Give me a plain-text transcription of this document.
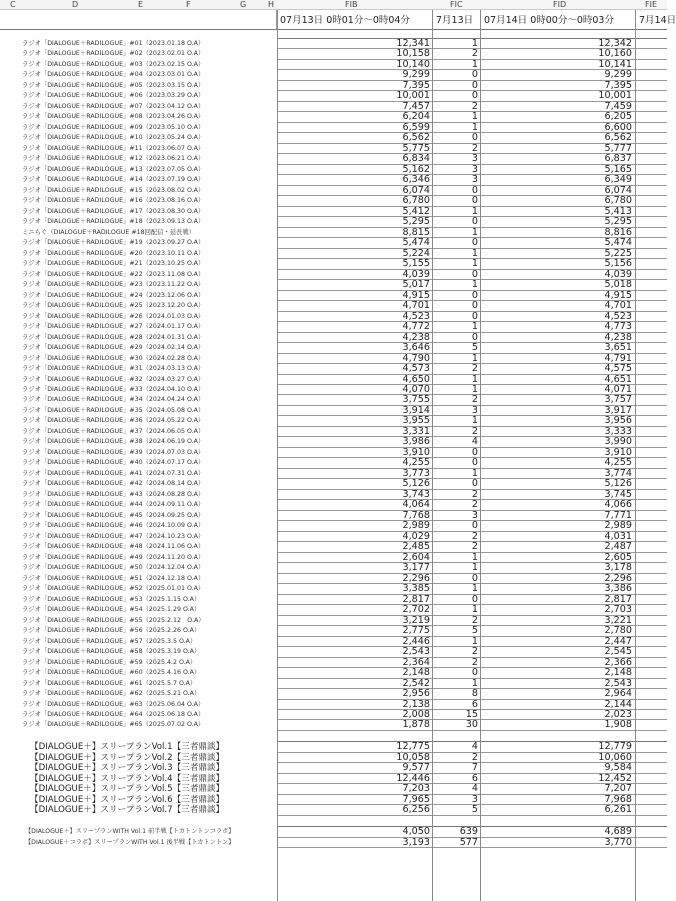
C	D	E	F	G	H	FIB	FIC	FID	FIE
07月13日 0時01分～0時04分	7月13日	07月14日 0時00分～0時03分	7月14日
ラジオ「DIALOGUE＋RADILOGUE」#01（2023.01.18 O.A）	12,341	1	12,342
ラジオ「DIALOGUE＋RADILOGUE」#02（2023.02.01 O.A）	10,158	2	10,160
ラジオ「DIALOGUE＋RADILOGUE」#03（2023.02.15 O.A）	10,140	1	10,141
ラジオ「DIALOGUE＋RADILOGUE」#04（2023.03.01 O.A）	9,299	0	9,299
ラジオ「DIALOGUE＋RADILOGUE」#05（2023.03.15 O.A）	7,395	0	7,395
ラジオ「DIALOGUE＋RADILOGUE」#06（2023.03.29 O.A）	10,001	0	10,001
ラジオ「DIALOGUE＋RADILOGUE」#07（2023.04.12 O.A）	7,457	2	7,459
ラジオ「DIALOGUE＋RADILOGUE」#08（2023.04.26 O.A）	6,204	1	6,205
ラジオ「DIALOGUE＋RADILOGUE」#09（2023.05.10 O.A）	6,599	1	6,600
ラジオ「DIALOGUE＋RADILOGUE」#10（2023.05.24 O.A）	6,562	0	6,562
ラジオ「DIALOGUE＋RADILOGUE」#11（2023.06.07 O.A）	5,775	2	5,777
ラジオ「DIALOGUE＋RADILOGUE」#12（2023.06.21 O.A）	6,834	3	6,837
ラジオ「DIALOGUE＋RADILOGUE」#13（2023.07.05 O.A）	5,162	3	5,165
ラジオ「DIALOGUE＋RADILOGUE」#14（2023.07.19 O.A）	6,346	3	6,349
ラジオ「DIALOGUE＋RADILOGUE」#15（2023.08.02 O.A）	6,074	0	6,074
ラジオ「DIALOGUE＋RADILOGUE」#16（2023.08.16 O.A）	6,780	0	6,780
ラジオ「DIALOGUE＋RADILOGUE」#17（2023.08.30 O.A）	5,412	1	5,413
ラジオ「DIALOGUE＋RADILOGUE」#18（2023.09.13 O.A）	5,295	0	5,295
ミニらぐ（DIALOGUE＋RADILOGUE #18回配信・延長戦）	8,815	1	8,816
ラジオ「DIALOGUE＋RADILOGUE」#19（2023.09.27 O.A）	5,474	0	5,474
ラジオ「DIALOGUE＋RADILOGUE」#20（2023.10.11 O.A）	5,224	1	5,225
ラジオ「DIALOGUE＋RADILOGUE」#21（2023.10.25 O.A）	5,155	1	5,156
ラジオ「DIALOGUE＋RADILOGUE」#22（2023.11.08 O.A）	4,039	0	4,039
ラジオ「DIALOGUE＋RADILOGUE」#23（2023.11.22 O.A）	5,017	1	5,018
ラジオ「DIALOGUE＋RADILOGUE」#24（2023.12.06 O.A）	4,915	0	4,915
ラジオ「DIALOGUE＋RADILOGUE」#25（2023.12.20 O.A）	4,701	0	4,701
ラジオ「DIALOGUE＋RADILOGUE」#26（2024.01.03 O.A）	4,523	0	4,523
ラジオ「DIALOGUE＋RADILOGUE」#27（2024.01.17 O.A）	4,772	1	4,773
ラジオ「DIALOGUE＋RADILOGUE」#28（2024.01.31 O.A）	4,238	0	4,238
ラジオ「DIALOGUE＋RADILOGUE」#29（2024.02.14 O.A）	3,646	5	3,651
ラジオ「DIALOGUE＋RADILOGUE」#30（2024.02.28 O.A）	4,790	1	4,791
ラジオ「DIALOGUE＋RADILOGUE」#31（2024.03.13 O.A）	4,573	2	4,575
ラジオ「DIALOGUE＋RADILOGUE」#32（2024.03.27 O.A）	4,650	1	4,651
ラジオ「DIALOGUE＋RADILOGUE」#33（2024.04.10 O.A）	4,070	1	4,071
ラジオ「DIALOGUE＋RADILOGUE」#34（2024.04.24 O.A）	3,755	2	3,757
ラジオ「DIALOGUE＋RADILOGUE」#35（2024.05.08 O.A）	3,914	3	3,917
ラジオ「DIALOGUE＋RADILOGUE」#36（2024.05.22 O.A）	3,955	1	3,956
ラジオ「DIALOGUE＋RADILOGUE」#37（2024.06.05 O.A）	3,331	2	3,333
ラジオ「DIALOGUE＋RADILOGUE」#38（2024.06.19 O.A）	3,986	4	3,990
ラジオ「DIALOGUE＋RADILOGUE」#39（2024.07.03 O.A）	3,910	0	3,910
ラジオ「DIALOGUE＋RADILOGUE」#40（2024.07.17 O.A）	4,255	0	4,255
ラジオ「DIALOGUE＋RADILOGUE」#41（2024.07.31 O.A）	3,773	1	3,774
ラジオ「DIALOGUE＋RADILOGUE」#42（2024.08.14 O.A）	5,126	0	5,126
ラジオ「DIALOGUE＋RADILOGUE」#43（2024.08.28 O.A）	3,743	2	3,745
ラジオ「DIALOGUE＋RADILOGUE」#44（2024.09.11 O.A）	4,064	2	4,066
ラジオ「DIALOGUE＋RADILOGUE」#45（2024.09.25 O.A）	7,768	3	7,771
ラジオ「DIALOGUE＋RADILOGUE」#46（2024.10.09 O.A）	2,989	0	2,989
ラジオ「DIALOGUE＋RADILOGUE」#47（2024.10.23 O.A）	4,029	2	4,031
ラジオ「DIALOGUE＋RADILOGUE」#48（2024.11.06 O.A）	2,485	2	2,487
ラジオ「DIALOGUE＋RADILOGUE」#49（2024.11.20 O.A）	2,604	1	2,605
ラジオ「DIALOGUE＋RADILOGUE」#50（2024.12.04 O.A）	3,177	1	3,178
ラジオ「DIALOGUE＋RADILOGUE」#51（2024.12.18 O.A）	2,296	0	2,296
ラジオ「DIALOGUE＋RADILOGUE」#52（2025.01.01 O.A）	3,385	1	3,386
ラジオ「DIALOGUE＋RADILOGUE」#53（2025.1.15 O.A）	2,817	0	2,817
ラジオ「DIALOGUE＋RADILOGUE」#54（2025.1.29 O.A）	2,702	1	2,703
ラジオ「DIALOGUE＋RADILOGUE」#55（2025.2.12　O.A）	3,219	2	3,221
ラジオ「DIALOGUE＋RADILOGUE」#56（2025.2.26 O.A）	2,775	5	2,780
ラジオ「DIALOGUE＋RADILOGUE」#57（2025.3.5 O.A）	2,446	1	2,447
ラジオ「DIALOGUE＋RADILOGUE」#58（2025.3.19 O.A）	2,543	2	2,545
ラジオ「DIALOGUE＋RADILOGUE」#59（2025.4.2 O.A）	2,364	2	2,366
ラジオ「DIALOGUE＋RADILOGUE」#60（2025.4.16 O.A）	2,148	0	2,148
ラジオ「DIALOGUE＋RADILOGUE」#61（2025.5.7 O.A）	2,542	1	2,543
ラジオ「DIALOGUE＋RADILOGUE」#62（2025.5.21 O.A）	2,956	8	2,964
ラジオ「DIALOGUE＋RADILOGUE」#63（2025.06.04 O.A）	2,138	6	2,144
ラジオ「DIALOGUE＋RADILOGUE」#64（2025.06.18 O.A）	2,008	15	2,023
ラジオ「DIALOGUE＋RADILOGUE」#65（2025.07.02 O.A）	1,878	30	1,908
【DIALOGUE＋】スリープランVol.1【三者鼎談】	12,775	4	12,779
【DIALOGUE＋】スリープランVol.2【三者鼎談】	10,058	2	10,060
【DIALOGUE＋】スリープランVol.3【三者鼎談】	9,577	7	9,584
【DIALOGUE＋】スリープランVol.4【三者鼎談】	12,446	6	12,452
【DIALOGUE＋】スリープランVol.5【三者鼎談】	7,203	4	7,207
【DIALOGUE＋】スリープランVol.6【三者鼎談】	7,965	3	7,968
【DIALOGUE＋】スリープランVol.7【三者鼎談】	6,256	5	6,261
【DIALOGUE＋】スリープランWITH Vol.1 前半戦【トカトントンコラボ】	4,050	639	4,689
【DIALOGUE＋コラボ】スリープランWITH Vol.1 後半戦【トカトントン】	3,193	577	3,770
